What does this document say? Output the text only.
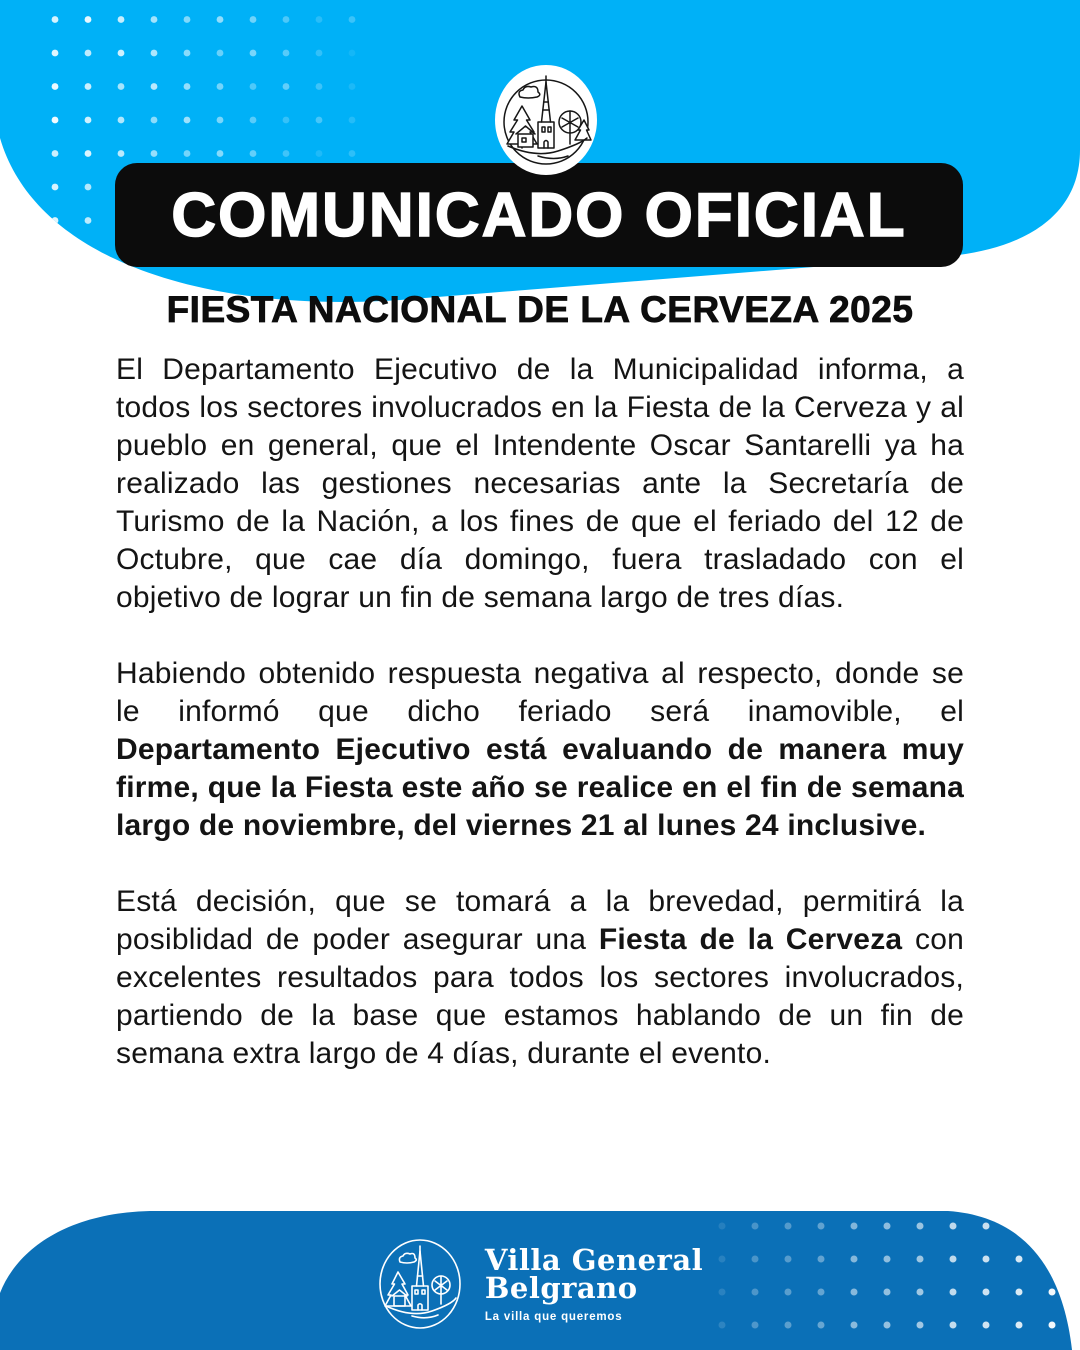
COMUNICADO OFICIAL
FIESTA NACIONAL DE LA CERVEZA 2025

El Departamento Ejecutivo de la Municipalidad informa, a todos los sectores involucrados en la Fiesta de la Cerveza y al pueblo en general, que el Intendente Oscar Santarelli ya ha realizado las gestiones necesarias ante la Secretaría de Turismo de la Nación, a los fines de que el feriado del 12 de Octubre, que cae día domingo, fuera trasladado con el objetivo de lograr un fin de semana largo de tres días.

Habiendo obtenido respuesta negativa al respecto, donde se le informó que dicho feriado será inamovible, el Departamento Ejecutivo está evaluando de manera muy firme, que la Fiesta este año se realice en el fin de semana largo de noviembre, del viernes 21 al lunes 24 inclusive.

Está decisión, que se tomará a la brevedad, permitirá la posiblidad de poder asegurar una Fiesta de la Cerveza con excelentes resultados para todos los sectores involucrados, partiendo de la base que estamos hablando de un fin de semana extra largo de 4 días, durante el evento.

Villa General
Belgrano
La villa que queremos
